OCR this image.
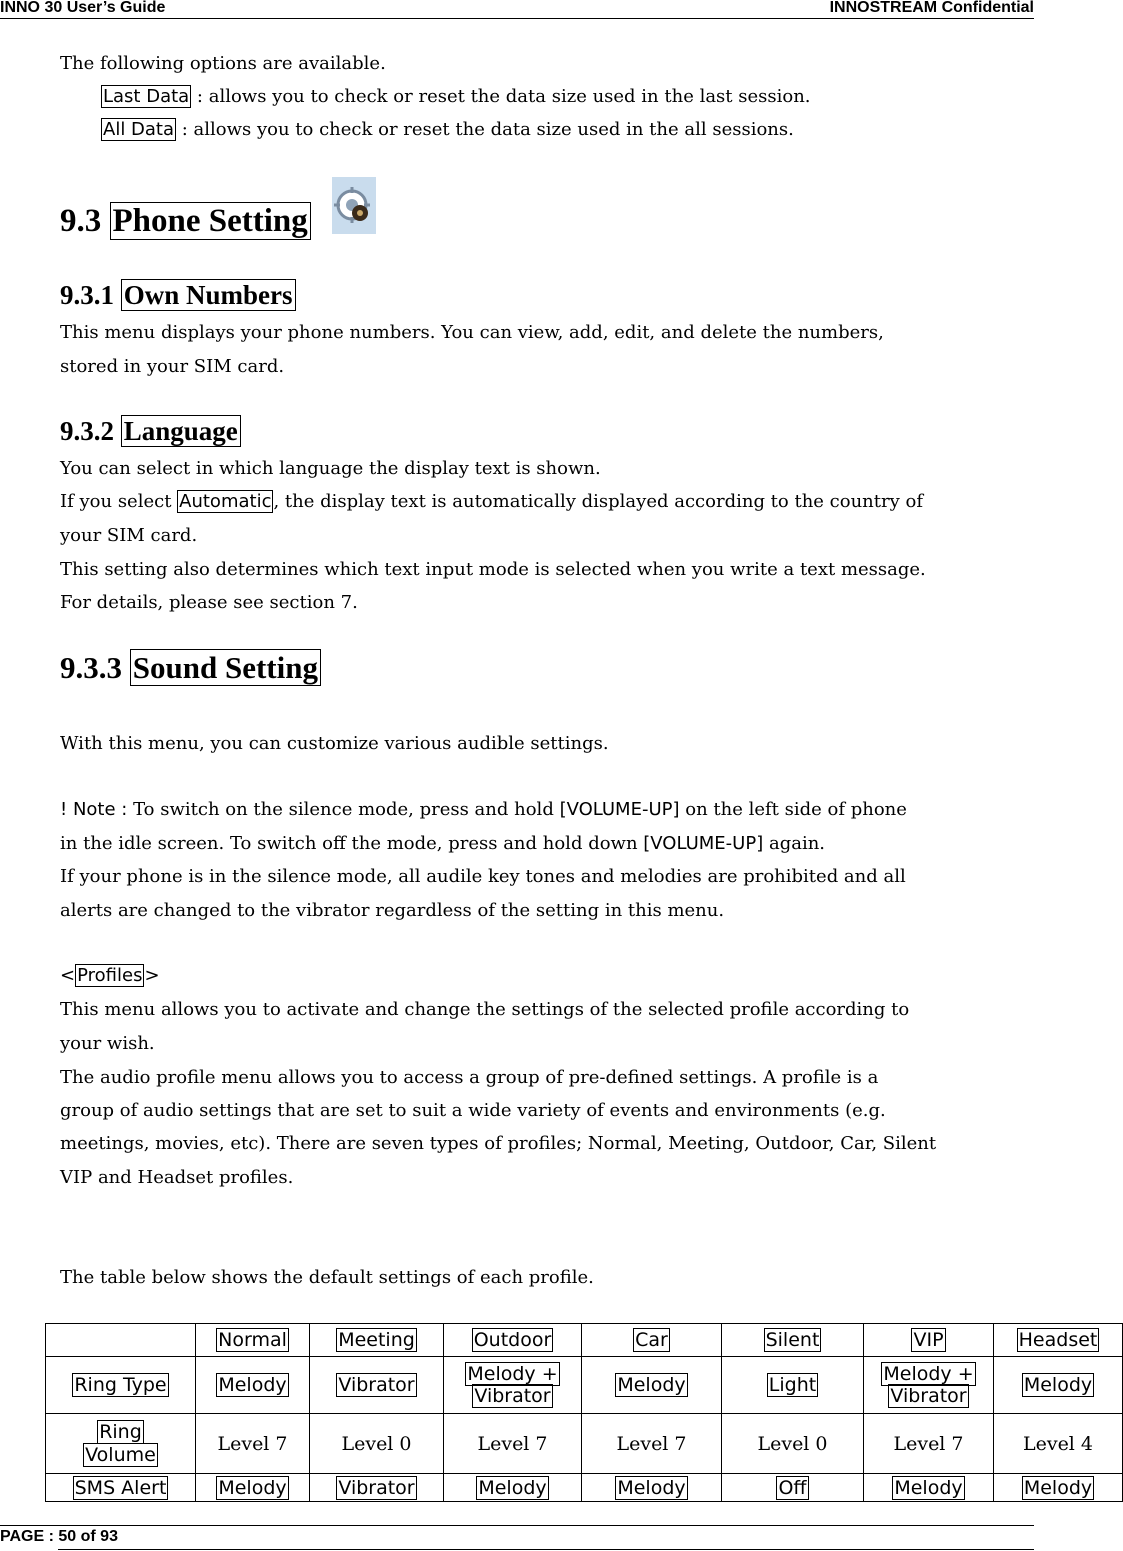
INNO 30 User’s Guide	INNOSTREAM Confidential
The following options are available.
Last Data : allows you to check or reset the data size used in the last session.
All Data : allows you to check or reset the data size used in the all sessions.
9.3 Phone Setting
9.3.1 Own Numbers
This menu displays your phone numbers. You can view, add, edit, and delete the numbers,
stored in your SIM card.
9.3.2 Language
You can select in which language the display text is shown.
If you select Automatic , the display text is automatically displayed according to the country of
your SIM card.
This setting also determines which text input mode is selected when you write a text message.
For details, please see section 7.
9.3.3 Sound Setting
With this menu, you can customize various audible settings.
! Note : To switch on the silence mode, press and hold [VOLUME-UP] on the left side of phone
in the idle screen. To switch off the mode, press and hold down [VOLUME-UP] again.
If your phone is in the silence mode, all audile key tones and melodies are prohibited and all
alerts are changed to the vibrator regardless of the setting in this menu.
< Profiles >
This menu allows you to activate and change the settings of the selected profile according to
your wish.
The audio profile menu allows you to access a group of pre-defined settings. A profile is a
group of audio settings that are set to suit a wide variety of events and environments (e.g.
meetings, movies, etc). There are seven types of profiles; Normal, Meeting, Outdoor, Car, Silent
VIP and Headset profiles.
The table below shows the default settings of each profile.
	Normal	Meeting	Outdoor	Car	Silent	VIP	Headset
Ring Type	Melody	Vibrator	Melody +
Vibrator	Melody	Light	Melody +
Vibrator	Melody
Ring
Volume	Level 7	Level 0	Level 7	Level 7	Level 0	Level 7	Level 4
SMS Alert	Melody	Vibrator	Melody	Melody	Off	Melody	Melody
PAGE : 50 of 93
